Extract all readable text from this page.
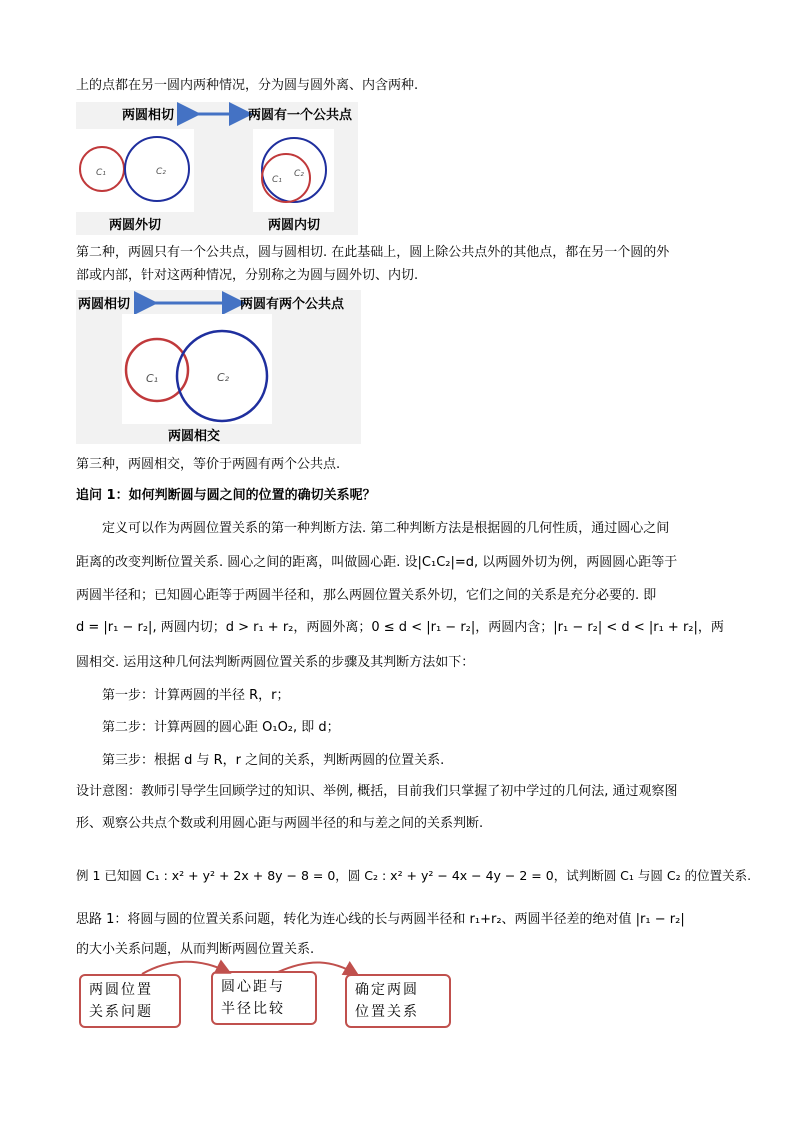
上的点都在另一圆内两种情况，分为圆与圆外离、内含两种.
两圆相切	两圆有一个公共点
C₁	C₂
C₁
C₂
两圆外切	两圆内切
第二种，两圆只有一个公共点，圆与圆相切. 在此基础上，圆上除公共点外的其他点，都在另一个圆的外
部或内部，针对这两种情况，分别称之为圆与圆外切、内切.
两圆相切	两圆有两个公共点
C₁	C₂
两圆相交
第三种，两圆相交，等价于两圆有两个公共点.
追问 1：如何判断圆与圆之间的位置的确切关系呢？
定义可以作为两圆位置关系的第一种判断方法. 第二种判断方法是根据圆的几何性质，通过圆心之间
距离的改变判断位置关系. 圆心之间的距离，叫做圆心距. 设|C₁C₂|=d, 以两圆外切为例，两圆圆心距等于
两圆半径和；已知圆心距等于两圆半径和，那么两圆位置关系外切，它们之间的关系是充分必要的. 即
d = |r₁ − r₂|, 两圆内切；d > r₁ + r₂，两圆外离；0 ≤ d < |r₁ − r₂|，两圆内含；|r₁ − r₂| < d < |r₁ + r₂|，两
圆相交. 运用这种几何法判断两圆位置关系的步骤及其判断方法如下：
第一步：计算两圆的半径 R，r；
第二步：计算两圆的圆心距 O₁O₂, 即 d；
第三步：根据 d 与 R，r 之间的关系，判断两圆的位置关系.
设计意图：教师引导学生回顾学过的知识、举例, 概括，目前我们只掌握了初中学过的几何法, 通过观察图
形、观察公共点个数或利用圆心距与两圆半径的和与差之间的关系判断.
例 1 已知圆 C₁ : x² + y² + 2x + 8y − 8 = 0，圆 C₂ : x² + y² − 4x − 4y − 2 = 0，试判断圆 C₁ 与圆 C₂ 的位置关系.
思路 1：将圆与圆的位置关系问题，转化为连心线的长与两圆半径和 r₁+r₂、两圆半径差的绝对值 |r₁ − r₂|
的大小关系问题，从而判断两圆位置关系.
两圆位置
关系问题
圆心距与
半径比较
确定两圆
位置关系
